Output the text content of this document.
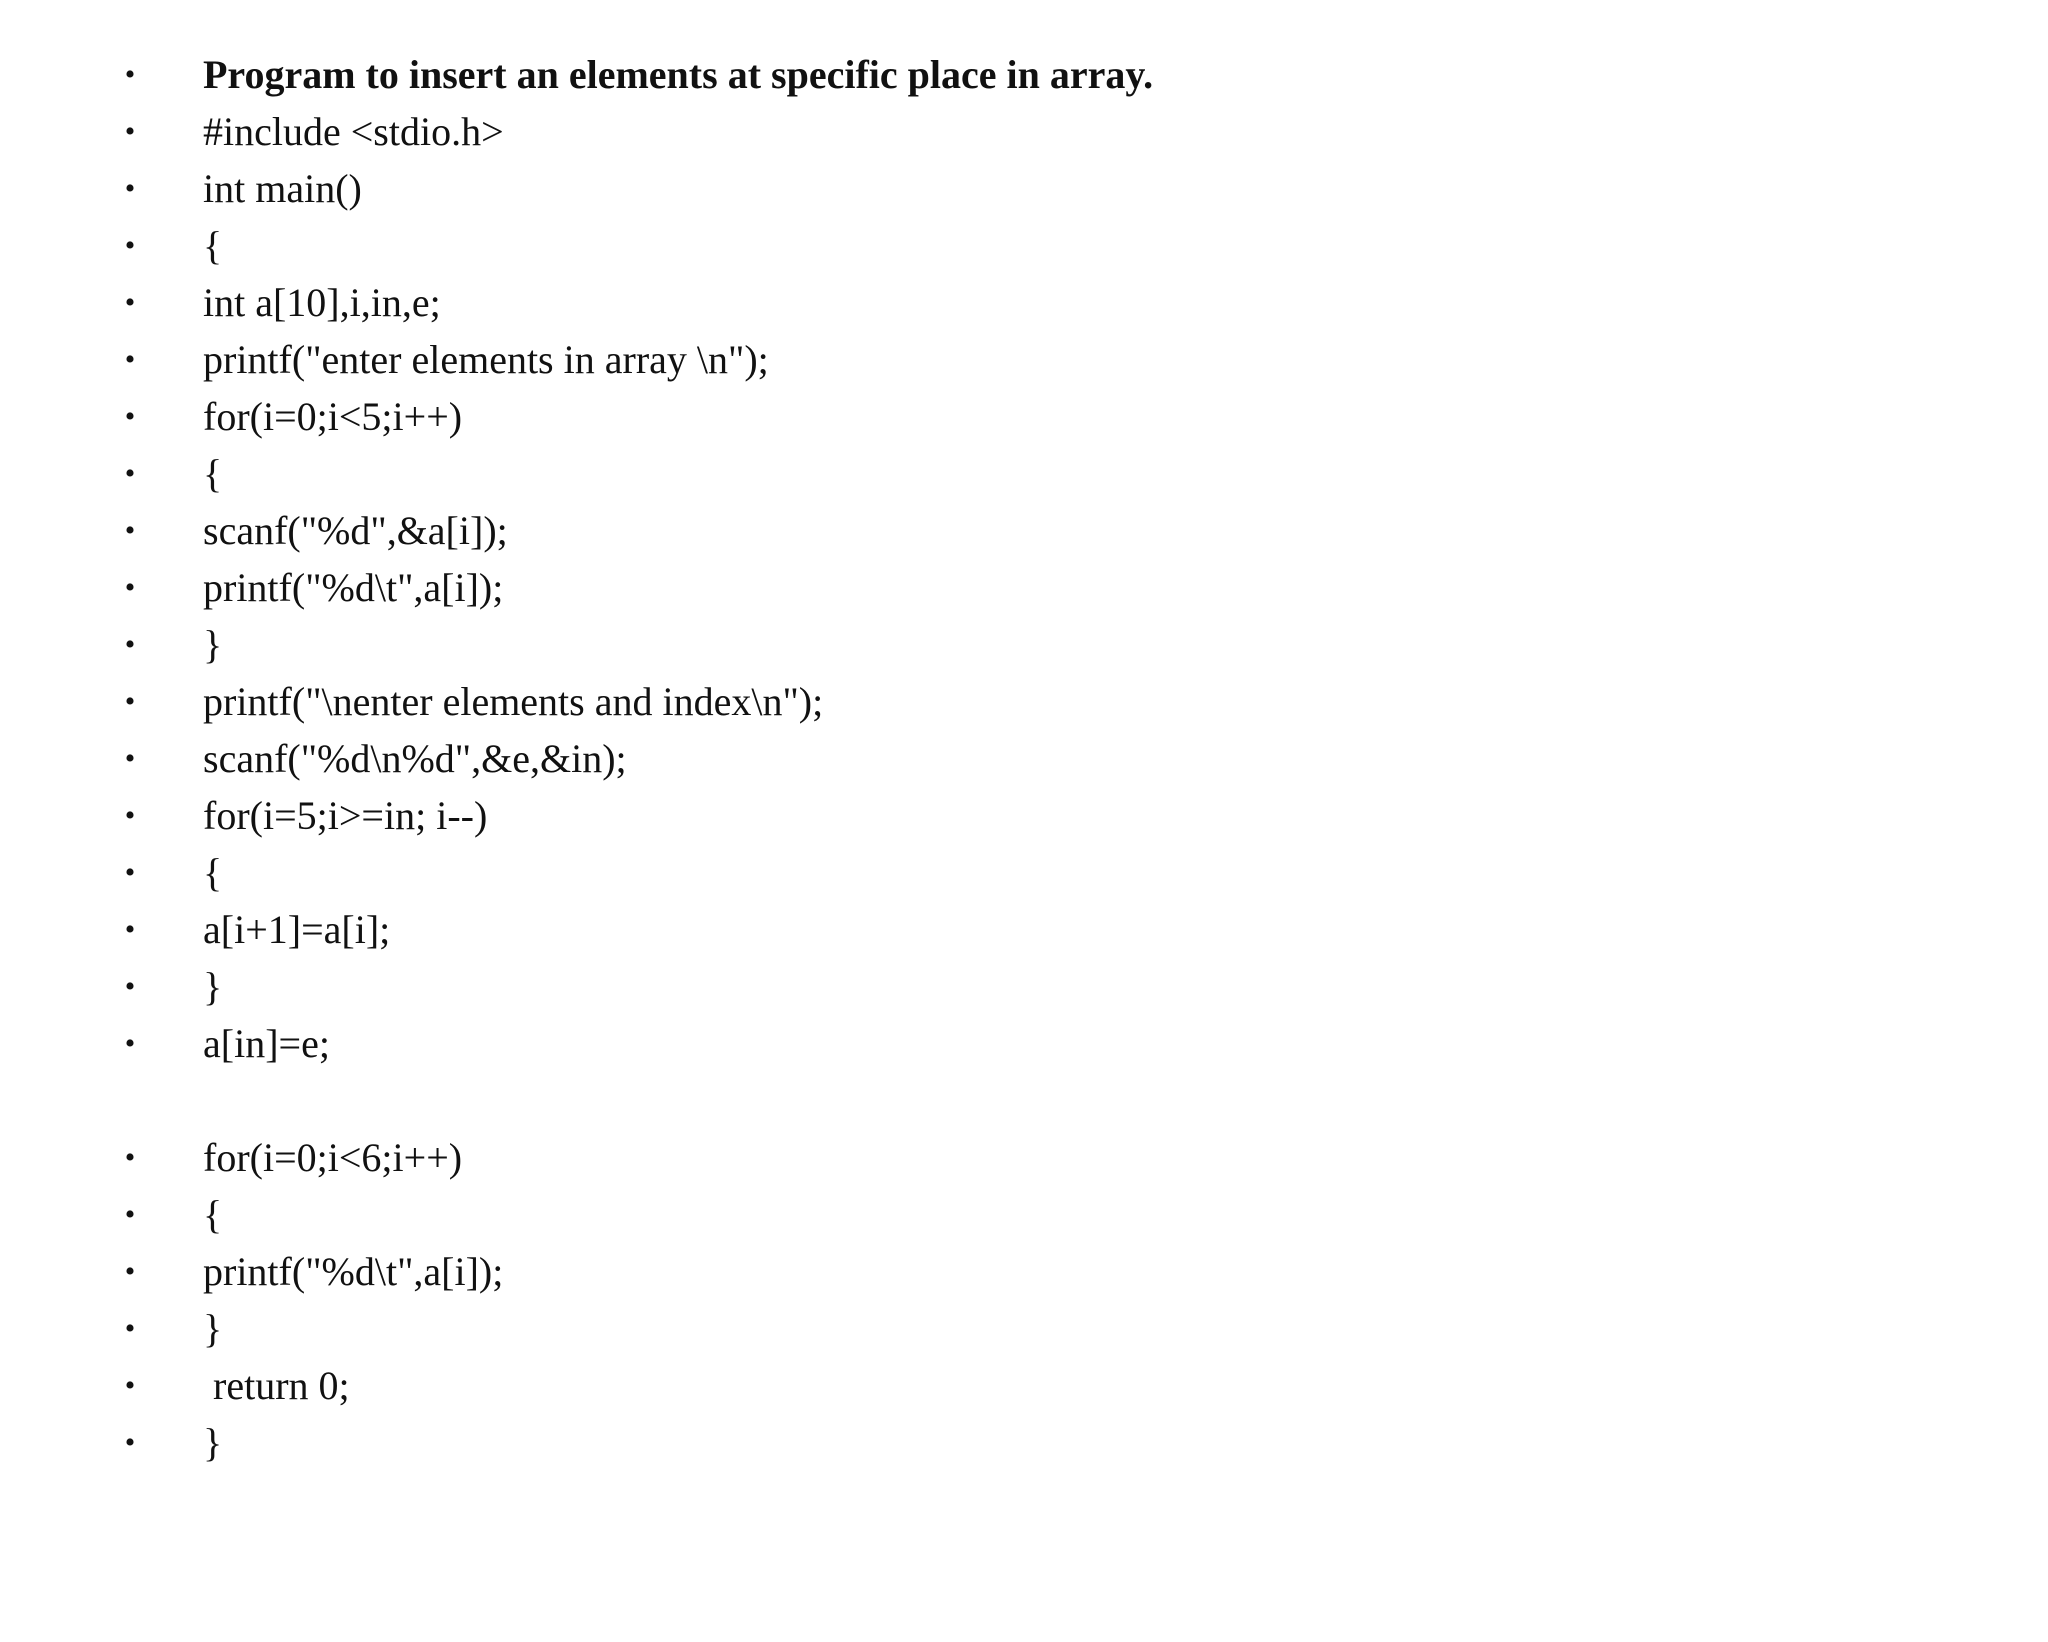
•

Program to insert an elements at specific place in array.

•

#include <stdio.h>

•

int main()

•

{

•

int a[10],i,in,e;

•

printf("enter elements in array \n");

•

for(i=0;i<5;i++)

•

{

•

scanf("%d",&a[i]);

•

printf("%d\t",a[i]);

•

}

•

printf("\nenter elements and index\n");

•

scanf("%d\n%d",&e,&in);

•

for(i=5;i>=in; i--)

•

{

•

a[i+1]=a[i];

•

}

•

a[in]=e;

•

for(i=0;i<6;i++)

•

{

•

printf("%d\t",a[i]);

•

}

•

return 0;

•

}
